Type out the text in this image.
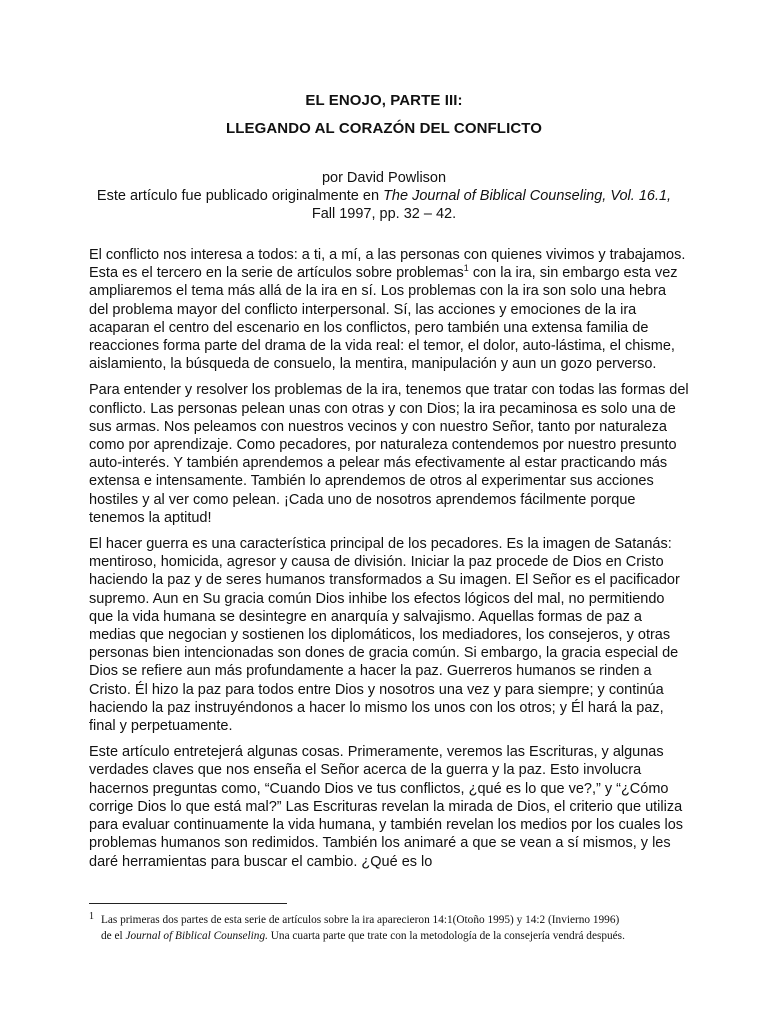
EL ENOJO, PARTE III:
LLEGANDO AL CORAZÓN DEL CONFLICTO
por David Powlison
Este artículo fue publicado originalmente en The Journal of Biblical Counseling, Vol. 16.1, Fall 1997, pp. 32 – 42.

El conflicto nos interesa a todos: a ti, a mí, a las personas con quienes vivimos y trabajamos. Esta es el tercero en la serie de artículos sobre problemas$^1$ con la ira, sin embargo esta vez ampliaremos el tema más allá de la ira en sí. Los problemas con la ira son solo una hebra del problema mayor del conflicto interpersonal. Sí, las acciones y emociones de la ira acaparan el centro del escenario en los conflictos, pero también una extensa familia de reacciones forma parte del drama de la vida real: el temor, el dolor, auto-lástima, el chisme, aislamiento, la búsqueda de consuelo, la mentira, manipulación y aun un gozo perverso.

Para entender y resolver los problemas de la ira, tenemos que tratar con todas las formas del conflicto. Las personas pelean unas con otras y con Dios; la ira pecaminosa es solo una de sus armas. Nos peleamos con nuestros vecinos y con nuestro Señor, tanto por naturaleza como por aprendizaje. Como pecadores, por naturaleza contendemos por nuestro presunto auto-interés. Y también aprendemos a pelear más efectivamente al estar practicando más extensa e intensamente. También lo aprendemos de otros al experimentar sus acciones hostiles y al ver como pelean. ¡Cada uno de nosotros aprendemos fácilmente porque tenemos la aptitud!

El hacer guerra es una característica principal de los pecadores. Es la imagen de Satanás: mentiroso, homicida, agresor y causa de división. Iniciar la paz procede de Dios en Cristo haciendo la paz y de seres humanos transformados a Su imagen. El Señor es el pacificador supremo. Aun en Su gracia común Dios inhibe los efectos lógicos del mal, no permitiendo que la vida humana se desintegre en anarquía y salvajismo. Aquellas formas de paz a medias que negocian y sostienen los diplomáticos, los mediadores, los consejeros, y otras personas bien intencionadas son dones de gracia común. Si embargo, la gracia especial de Dios se refiere aun más profundamente a hacer la paz. Guerreros humanos se rinden a Cristo. Él hizo la paz para todos entre Dios y nosotros una vez y para siempre; y continúa haciendo la paz instruyéndonos a hacer lo mismo los unos con los otros; y Él hará la paz, final y perpetuamente.

Este artículo entretejerá algunas cosas. Primeramente, veremos las Escrituras, y algunas verdades claves que nos enseña el Señor acerca de la guerra y la paz. Esto involucra hacernos preguntas como, “Cuando Dios ve tus conflictos, ¿qué es lo que ve?,” y “¿Cómo corrige Dios lo que está mal?” Las Escrituras revelan la mirada de Dios, el criterio que utiliza para evaluar continuamente la vida humana, y también revelan los medios por los cuales los problemas humanos son redimidos. También los animaré a que se vean a sí mismos, y les daré herramientas para buscar el cambio. ¿Qué es lo

1 Las primeras dos partes de esta serie de artículos sobre la ira aparecieron 14:1(Otoño 1995) y 14:2 (Invierno 1996)
de el Journal of Biblical Counseling. Una cuarta parte que trate con la metodología de la consejería vendrá después.
